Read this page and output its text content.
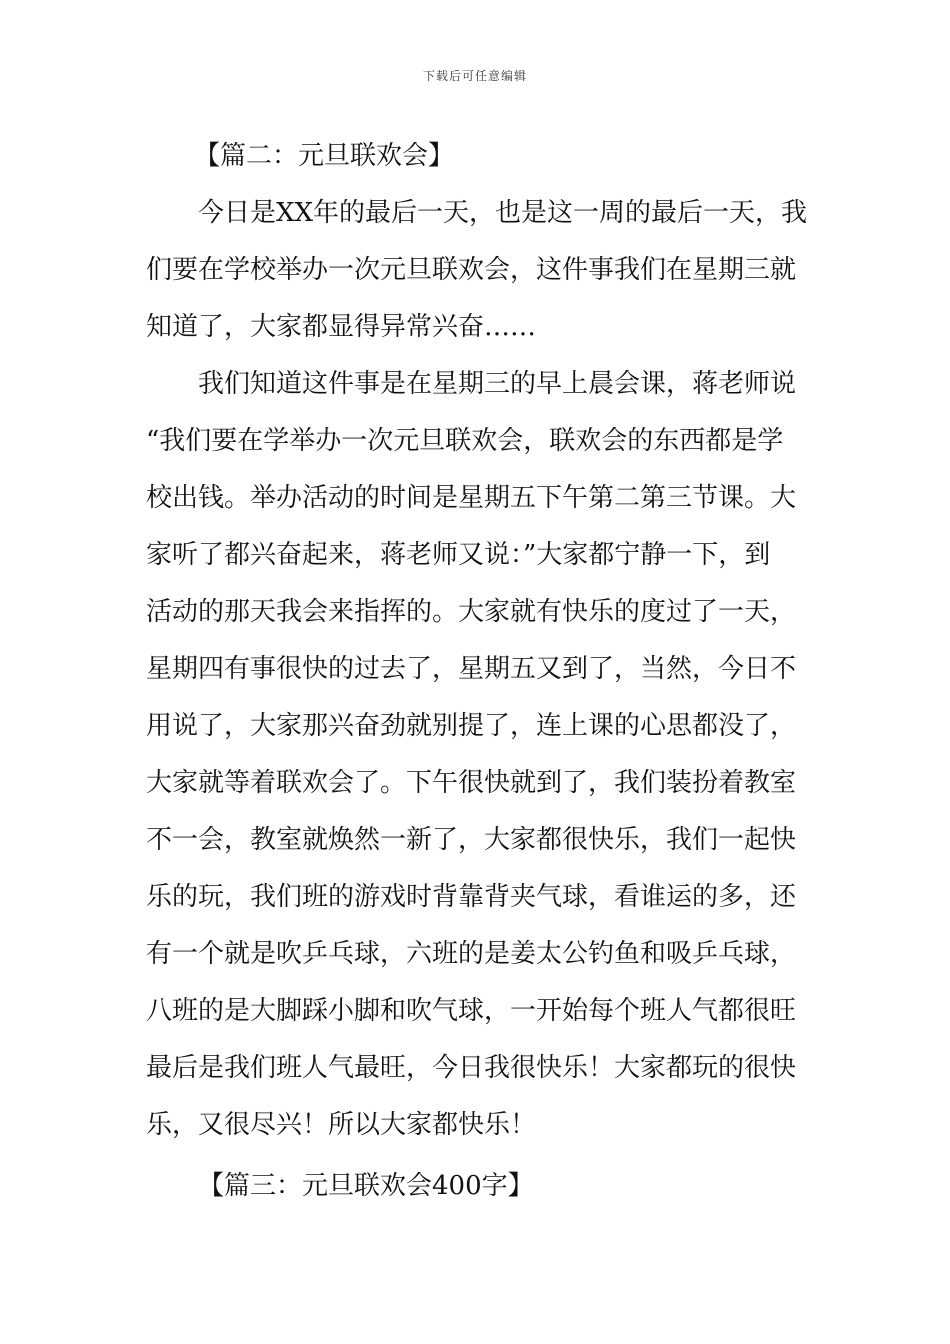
下载后可任意编辑
【篇二：元旦联欢会】
今日是XX年的最后一天，也是这一周的最后一天，我
们要在学校举办一次元旦联欢会，这件事我们在星期三就
知道了，大家都显得异常兴奋……
我们知道这件事是在星期三的早上晨会课，蒋老师说
“我们要在学举办一次元旦联欢会，联欢会的东西都是学
校出钱。举办活动的时间是星期五下午第二第三节课。大
家听了都兴奋起来，蒋老师又说：”大家都宁静一下，到
活动的那天我会来指挥的。大家就有快乐的度过了一天，
星期四有事很快的过去了，星期五又到了，当然，今日不
用说了，大家那兴奋劲就别提了，连上课的心思都没了，
大家就等着联欢会了。下午很快就到了，我们装扮着教室
不一会，教室就焕然一新了，大家都很快乐，我们一起快
乐的玩，我们班的游戏时背靠背夹气球，看谁运的多，还
有一个就是吹乒乓球，六班的是姜太公钓鱼和吸乒乓球，
八班的是大脚踩小脚和吹气球，一开始每个班人气都很旺
最后是我们班人气最旺，今日我很快乐！大家都玩的很快
乐，又很尽兴！所以大家都快乐！
【篇三：元旦联欢会400字】
